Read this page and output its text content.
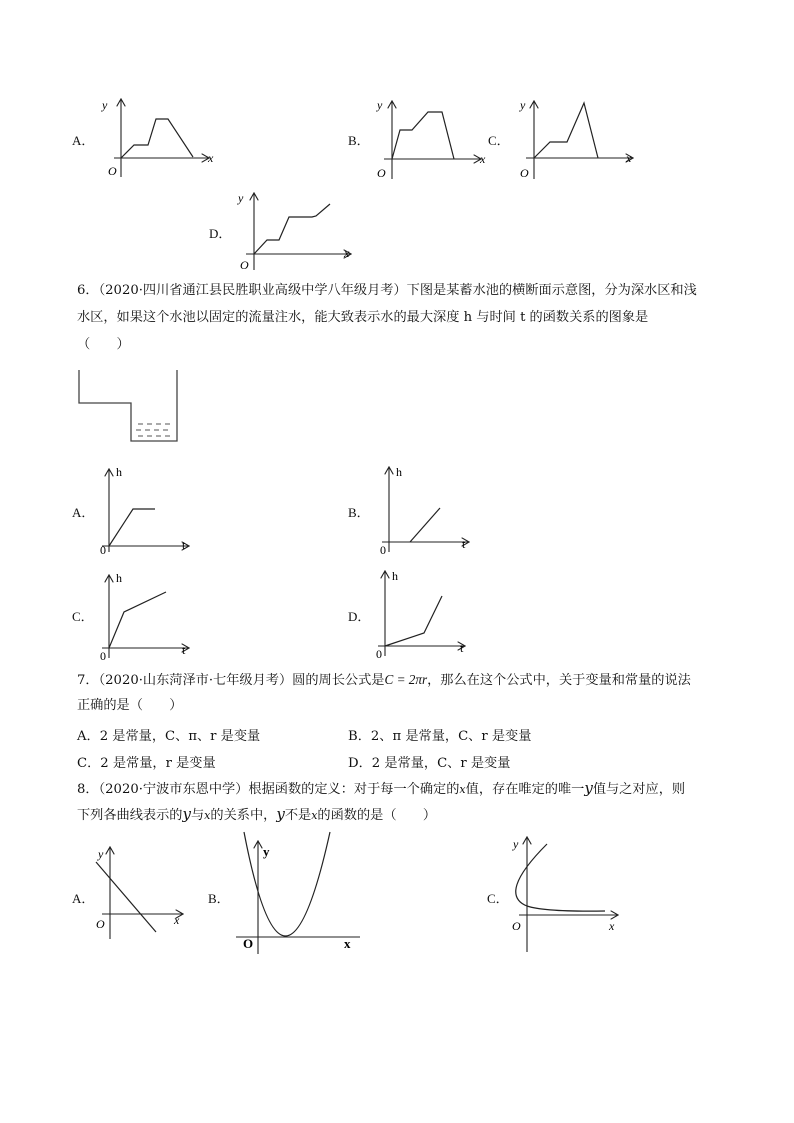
A．
y
x
O
B．
y
x
O
C．
y
x
O
D．
y
x
O
6．（2020·四川省通江县民胜职业高级中学八年级月考）下图是某蓄水池的横断面示意图，分为深水区和浅
水区，如果这个水池以固定的流量注水，能大致表示水的最大深度 h 与时间 t 的函数关系的图象是
（　　）
A．
h
t
0
B．
h
t
0
C．
h
t
0
D．
h
t
0
7．（2020·山东菏泽市·七年级月考）圆的周长公式是C = 2πr，那么在这个公式中，关于变量和常量的说法
正确的是（　　）
A．2 是常量，C、π、r 是变量	B．2、π 是常量，C、r 是变量
C．2 是常量，r 是变量	D．2 是常量，C、r 是变量
8．（2020·宁波市东恩中学）根据函数的定义：对于每一个确定的x值，存在唯定的唯一y值与之对应，则
下列各曲线表示的y与x的关系中，y不是x的函数的是（　　）
A．
y
x
O
B．
y
x
O
C．
y
x
O
